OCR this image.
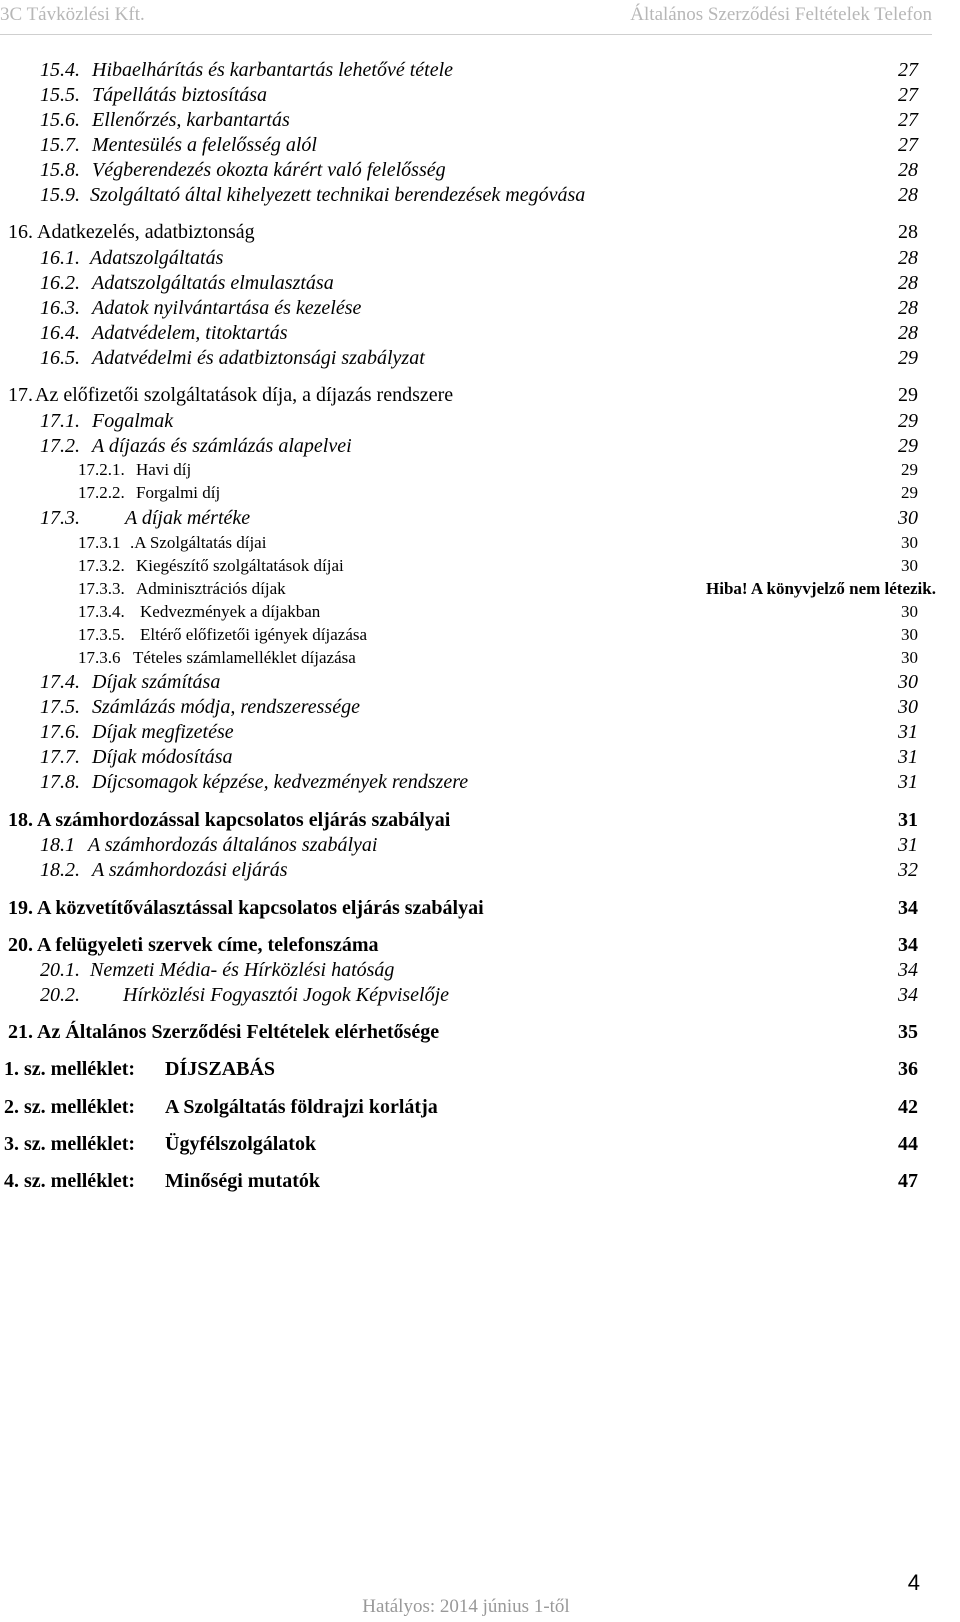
3C Távközlési Kft.	Általános Szerződési Feltételek Telefon
15.4. Hibaelhárítás és karbantartás lehetővé tétele	27
15.5. Tápellátás biztosítása	27
15.6. Ellenőrzés, karbantartás	27
15.7. Mentesülés a felelősség alól	27
15.8. Végberendezés okozta kárért való felelősség	28
15.9. Szolgáltató által kihelyezett technikai berendezések megóvása	28
16. Adatkezelés, adatbiztonság	28
16.1. Adatszolgáltatás	28
16.2. Adatszolgáltatás elmulasztása	28
16.3. Adatok nyilvántartása és kezelése	28
16.4. Adatvédelem, titoktartás	28
16.5. Adatvédelmi és adatbiztonsági szabályzat	29
17. Az előfizetői szolgáltatások díja, a díjazás rendszere	29
17.1. Fogalmak	29
17.2. A díjazás és számlázás alapelvei	29
17.2.1. Havi díj	29
17.2.2. Forgalmi díj	29
17.3. A díjak mértéke	30
17.3.1 .A Szolgáltatás díjai	30
17.3.2. Kiegészítő szolgáltatások díjai	30
17.3.3. Adminisztrációs díjak	Hiba! A könyvjelző nem létezik.
17.3.4. Kedvezmények a díjakban	30
17.3.5. Eltérő előfizetői igények díjazása	30
17.3.6 Tételes számlamelléklet díjazása	30
17.4. Díjak számítása	30
17.5. Számlázás módja, rendszeressége	30
17.6. Díjak megfizetése	31
17.7. Díjak módosítása	31
17.8. Díjcsomagok képzése, kedvezmények rendszere	31
18. A számhordozással kapcsolatos eljárás szabályai	31
18.1 A számhordozás általános szabályai	31
18.2. A számhordozási eljárás	32
19. A közvetítőválasztással kapcsolatos eljárás szabályai	34
20. A felügyeleti szervek címe, telefonszáma	34
20.1. Nemzeti Média- és Hírközlési hatóság	34
20.2. Hírközlési Fogyasztói Jogok Képviselője	34
21. Az Általános Szerződési Feltételek elérhetősége	35
1. sz. melléklet: DÍJSZABÁS	36
2. sz. melléklet: A Szolgáltatás földrajzi korlátja	42
3. sz. melléklet: Ügyfélszolgálatok	44
4. sz. melléklet: Minőségi mutatók	47
4
Hatályos: 2014 június 1-től
